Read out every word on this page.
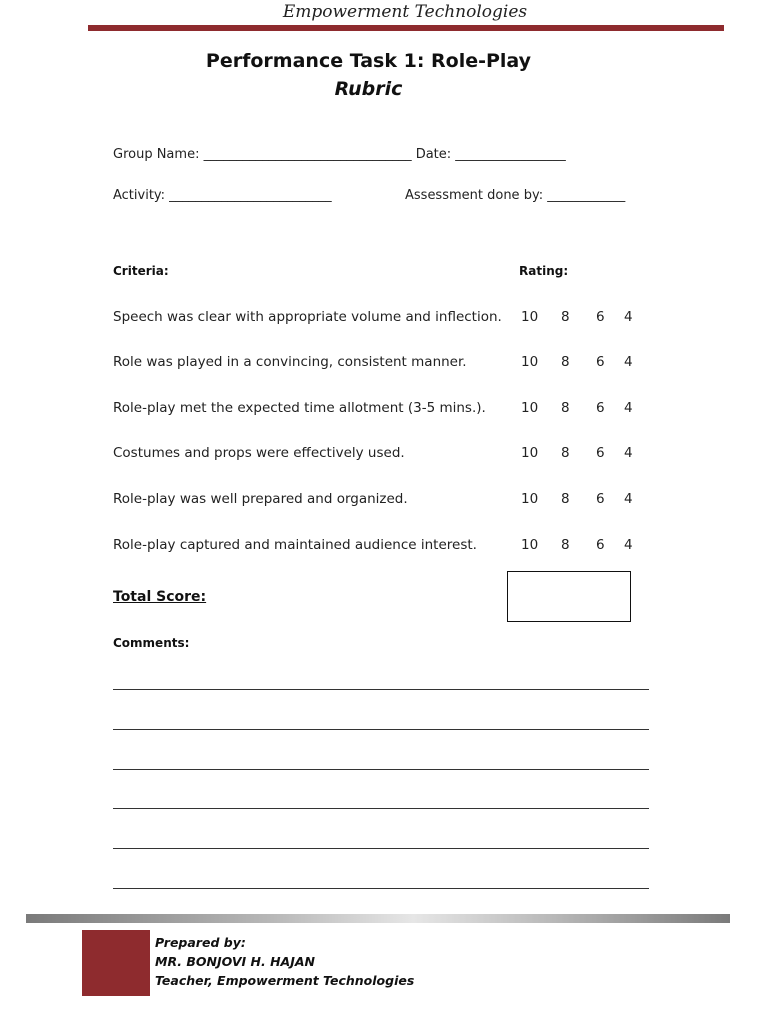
Empowerment Technologies
Performance Task 1: Role-Play
Rubric
Group Name: ________________________________ Date: _________________
Activity: _________________________	Assessment done by: ____________
Criteria:	Rating:
Speech was clear with appropriate volume and inflection. 10 8 6 4
Role was played in a convincing, consistent manner.	10 8 6 4
Role-play met the expected time allotment (3-5 mins.).	10 8 6 4
Costumes and props were effectively used.	10 8 6 4
Role-play was well prepared and organized.	10 8 6 4
Role-play captured and maintained audience interest.	10 8 6 4
Total Score:
Comments:
Prepared by:
MR. BONJOVI H. HAJAN
Teacher, Empowerment Technologies
